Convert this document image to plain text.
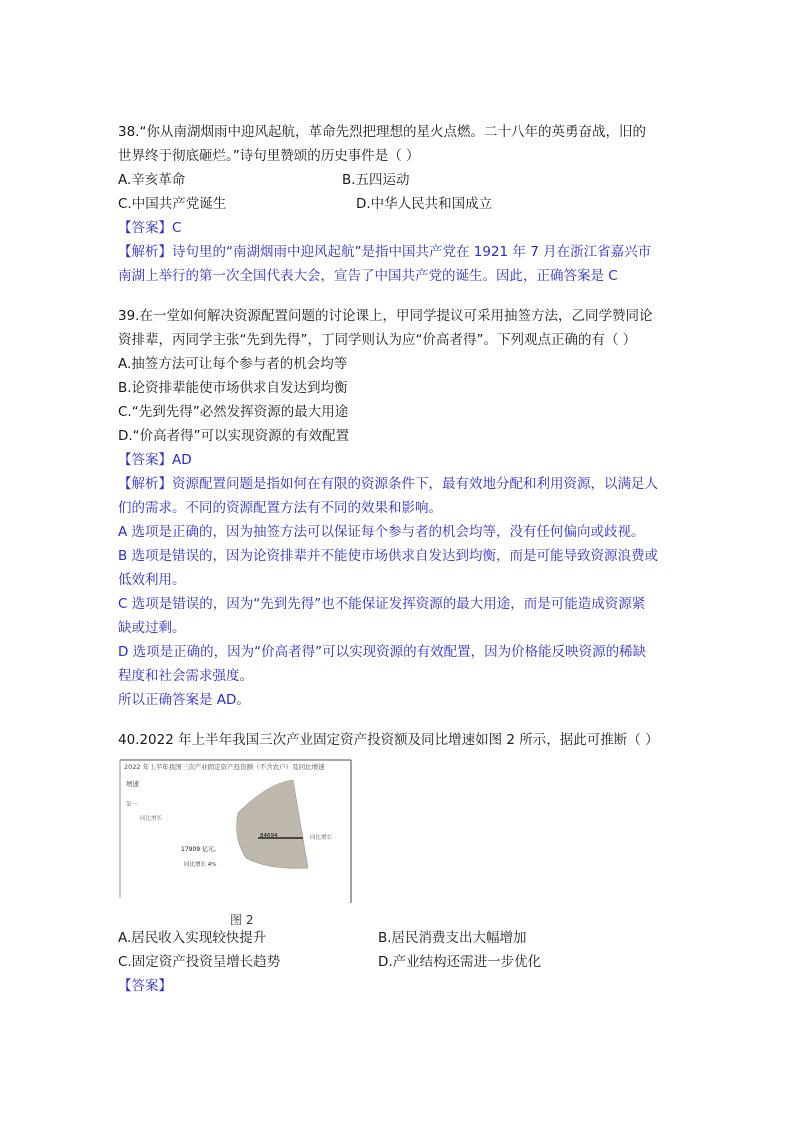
38.“你从南湖烟雨中迎风起航，革命先烈把理想的星火点燃。二十八年的英勇奋战，旧的
世界终于彻底砸烂。”诗句里赞颂的历史事件是（ ）
A.辛亥革命	B.五四运动
C.中国共产党诞生	D.中华人民共和国成立
【答案】C
【解析】诗句里的“南湖烟雨中迎风起航”是指中国共产党在 1921 年 7 月在浙江省嘉兴市
南湖上举行的第一次全国代表大会，宣告了中国共产党的诞生。因此，正确答案是 C
39.在一堂如何解决资源配置问题的讨论课上，甲同学提议可采用抽签方法，乙同学赞同论
资排辈，丙同学主张“先到先得”，丁同学则认为应“价高者得”。下列观点正确的有（ ）
A.抽签方法可让每个参与者的机会均等
B.论资排辈能使市场供求自发达到均衡
C.“先到先得”必然发挥资源的最大用途
D.“价高者得”可以实现资源的有效配置
【答案】AD
【解析】资源配置问题是指如何在有限的资源条件下，最有效地分配和利用资源，以满足人
们的需求。不同的资源配置方法有不同的效果和影响。
A 选项是正确的，因为抽签方法可以保证每个参与者的机会均等，没有任何偏向或歧视。
B 选项是错误的，因为论资排辈并不能使市场供求自发达到均衡，而是可能导致资源浪费或
低效利用。
C 选项是错误的，因为“先到先得”也不能保证发挥资源的最大用途，而是可能造成资源紧
缺或过剩。
D 选项是正确的，因为“价高者得”可以实现资源的有效配置，因为价格能反映资源的稀缺
程度和社会需求强度。
所以正确答案是 AD。
40.2022 年上半年我国三次产业固定资产投资额及同比增速如图 2 所示，据此可推断（ ）
2022 年上半年我国三次产业固定资产投资额（不含农户）及同比增速
增速
第一
同比增长
84694	同比增长
17909 亿元,
同比增长 4%
图 2
A.居民收入实现较快提升	B.居民消费支出大幅增加
C.固定资产投资呈增长趋势	D.产业结构还需进一步优化
【答案】
